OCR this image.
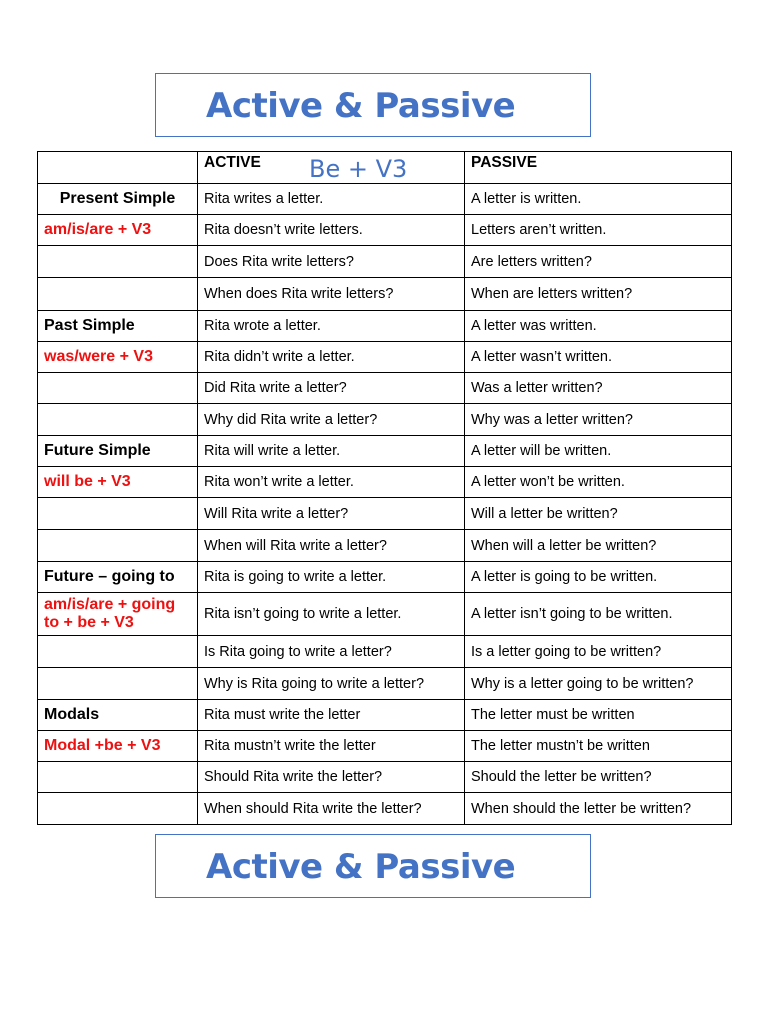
Active & Passive
	ACTIVE	PASSIVE

Present Simple	Rita writes a letter.	A letter is written.
am/is/are + V3	Rita doesn’t write letters.	Letters aren’t written.
	Does Rita write letters?	Are letters written?
	When does Rita write letters?	When are letters written?
Past Simple	Rita wrote a letter.	A letter was written.
was/were + V3	Rita didn’t write a letter.	A letter wasn’t written.
	Did Rita write a letter?	Was a letter written?
	Why did Rita write a letter?	Why was a letter written?
Future Simple	Rita will write a letter.	A letter will be written.
will be + V3	Rita won’t write a letter.	A letter won’t be written.
	Will Rita write a letter?	Will a letter be written?
	When will Rita write a letter?	When will a letter be written?
Future – going to	Rita is going to write a letter.	A letter is going to be written.
am/is/are + going to + be + V3	Rita isn’t going to write a letter.	A letter isn’t going to be written.
	Is Rita going to write a letter?	Is a letter going to be written?
	Why is Rita going to write a letter?	Why is a letter going to be written?
Modals	Rita must write the letter	The letter must be written
Modal +be + V3	Rita mustn’t write the letter	The letter mustn’t be written
	Should Rita write the letter?	Should the letter be written?
	When should Rita write the letter?	When should the letter be written?
Be + V3
Active & Passive
